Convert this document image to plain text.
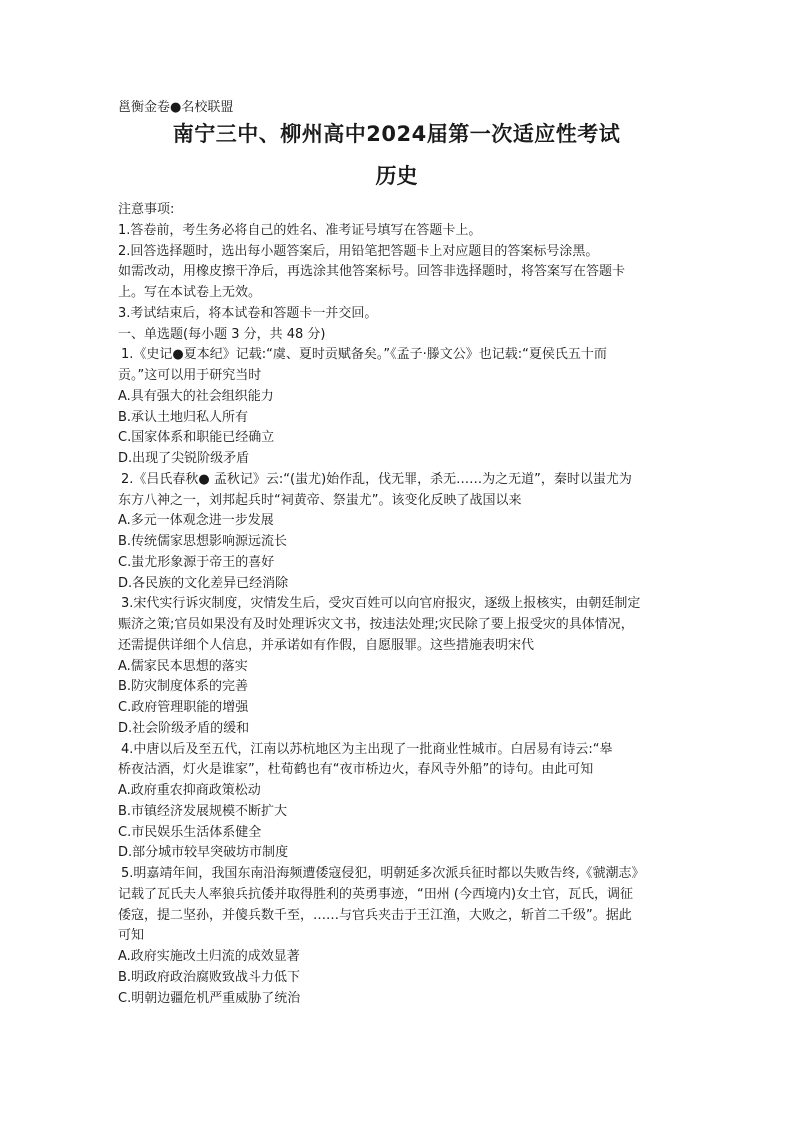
邕衡金卷●名校联盟
南宁三中、柳州高中2024届第一次适应性考试
历史
注意事项:
1.答卷前，考生务必将自己的姓名、准考证号填写在答题卡上。
2.回答选择题时，选出每小题答案后，用铅笔把答题卡上对应题目的答案标号涂黑。
如需改动，用橡皮擦干净后，再选涂其他答案标号。回答非选择题时，将答案写在答题卡
上。写在本试卷上无效。
3.考试结束后，将本试卷和答题卡一并交回。
一、单选题(每小题 3 分，共 48 分)
1.《史记●夏本纪》记载:“虞、夏时贡赋备矣。”《孟子·滕文公》也记载:“夏侯氏五十而
贡。”这可以用于研究当时
A.具有强大的社会组织能力
B.承认土地归私人所有
C.国家体系和职能已经确立
D.出现了尖锐阶级矛盾
2.《吕氏春秋● 孟秋记》云:“(蚩尤)始作乱，伐无罪，杀无……为之无道”，秦时以蚩尤为
东方八神之一，刘邦起兵时“祠黄帝、祭蚩尤”。该变化反映了战国以来
A.多元一体观念进一步发展
B.传统儒家思想影响源远流长
C.蚩尤形象源于帝王的喜好
D.各民族的文化差异已经消除
3.宋代实行诉灾制度，灾情发生后，受灾百姓可以向官府报灾，逐级上报核实，由朝廷制定
赈济之策;官员如果没有及时处理诉灾文书，按违法处理;灾民除了要上报受灾的具体情况，
还需提供详细个人信息，并承诺如有作假，自愿服罪。这些措施表明宋代
A.儒家民本思想的落实
B.防灾制度体系的完善
C.政府管理职能的增强
D.社会阶级矛盾的缓和
4.中唐以后及至五代，江南以苏杭地区为主出现了一批商业性城市。白居易有诗云:“皋
桥夜沽酒，灯火是谁家”，杜荀鹤也有“夜市桥边火，春风寺外船”的诗句。由此可知
A.政府重农抑商政策松动
B.市镇经济发展规模不断扩大
C.市民娱乐生活体系健全
D.部分城市较早突破坊市制度
5.明嘉靖年间，我国东南沿海频遭倭寇侵犯，明朝延多次派兵征时都以失败告终,《虢潮志》
记载了瓦氏夫人率狼兵抗倭并取得胜利的英勇事迹，“田州 (今西境内)女土官，瓦氏，调征
倭寇，提二坚孙，并傻兵数千至，……与官兵夹击于王江渔，大败之，斩首二千级”。据此
可知
A.政府实施改土归流的成效显著
B.明政府政治腐败致战斗力低下
C.明朝边疆危机严重威胁了统治
